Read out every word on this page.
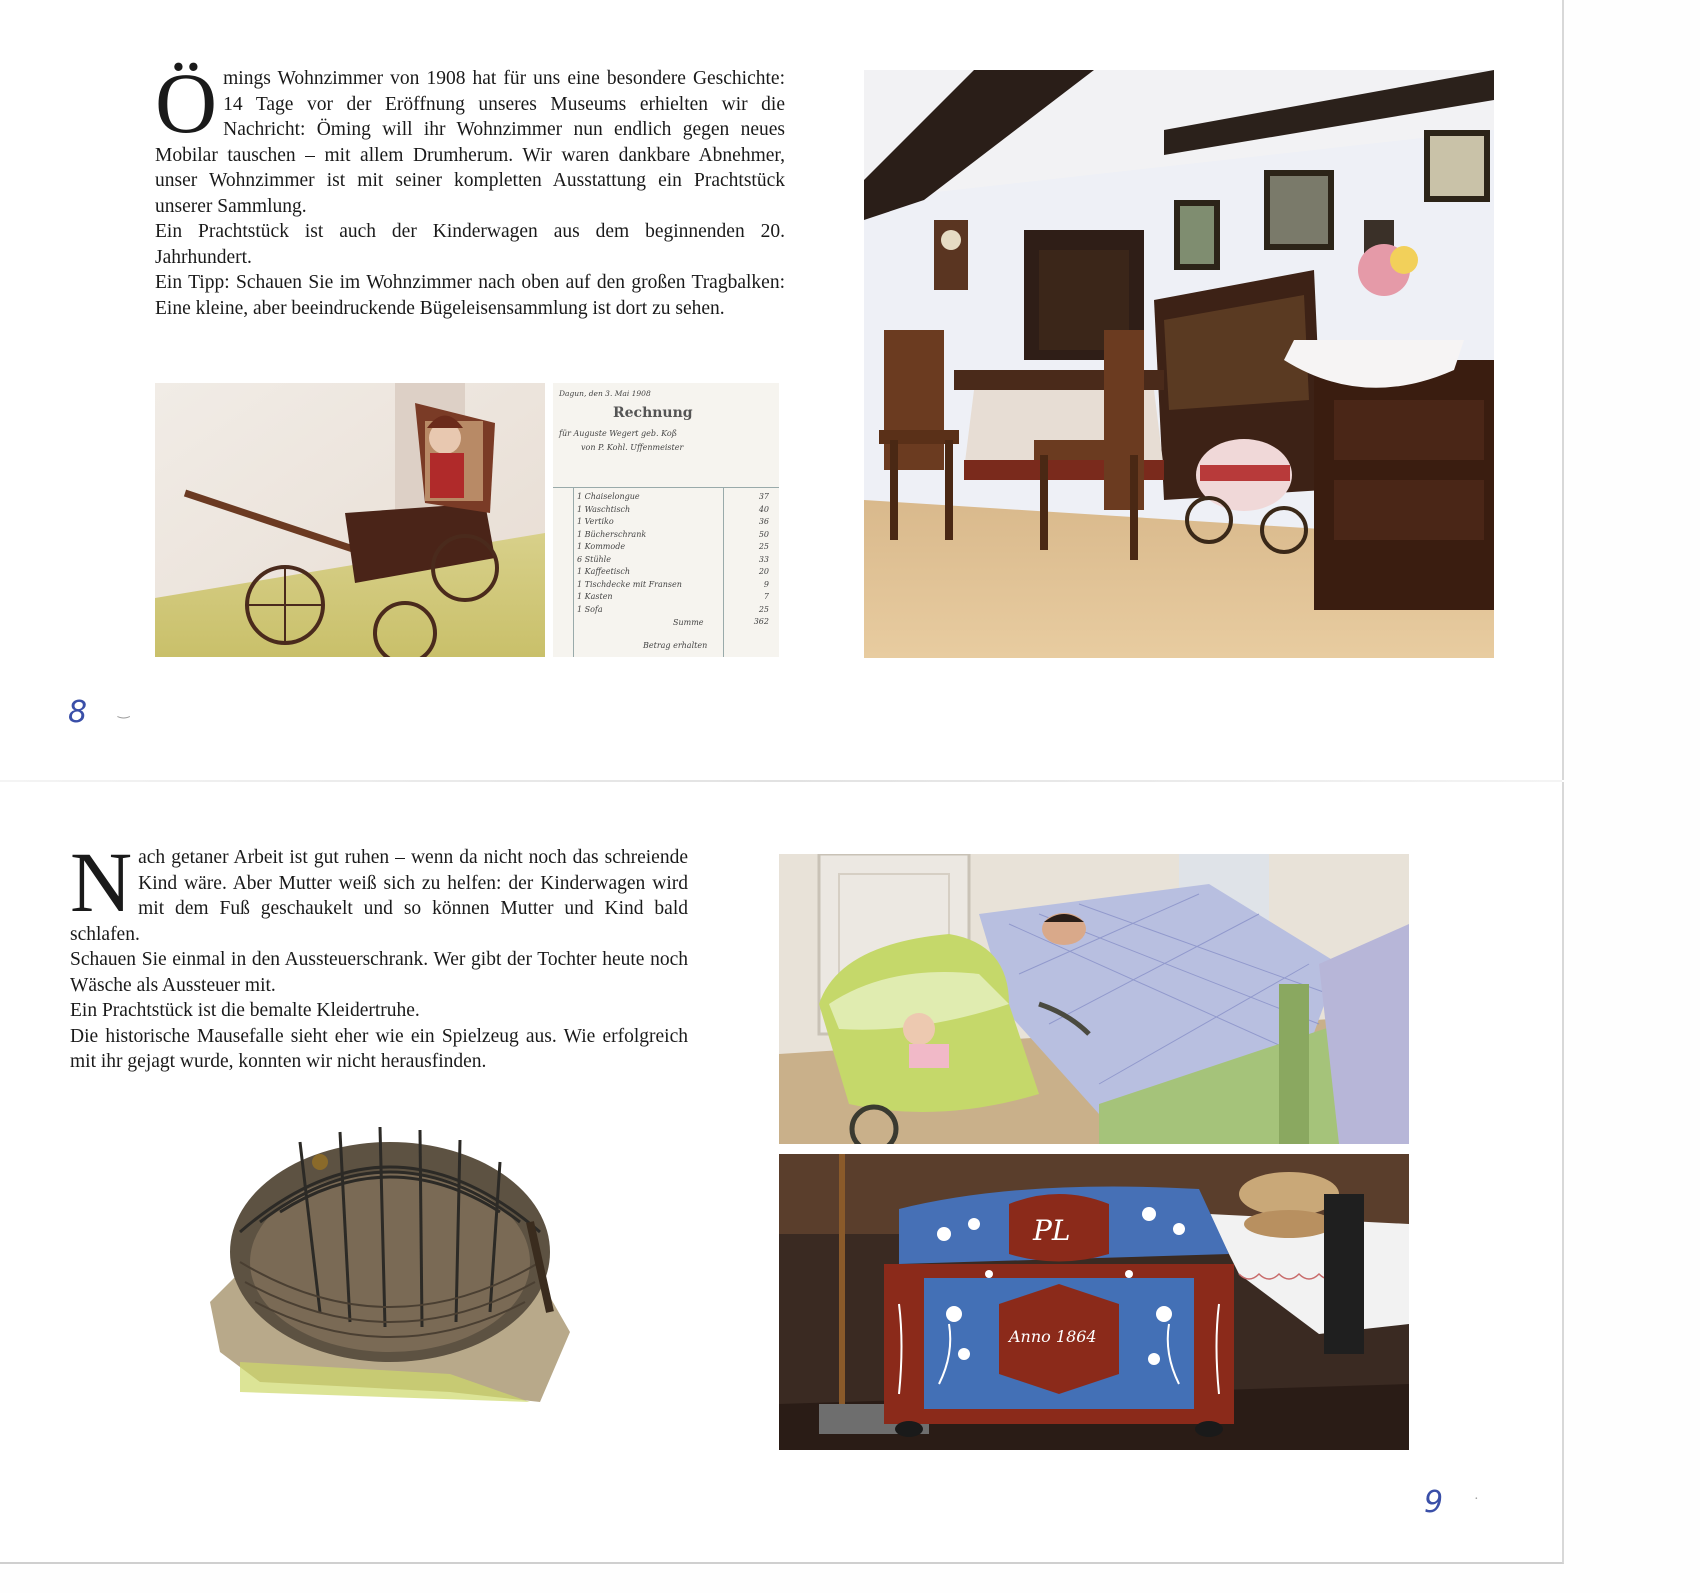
Ö mings Wohnzimmer von 1908 hat für uns eine besondere Geschichte: 14 Tage vor der Eröffnung unseres Museums erhielten wir die Nachricht: Öming will ihr Wohnzimmer nun endlich gegen neues Mobilar tauschen – mit allem Drumherum. Wir waren dankbare Abnehmer, unser Wohnzimmer ist mit seiner kompletten Ausstattung ein Prachtstück unserer Sammlung.

Ein Prachtstück ist auch der Kinderwagen aus dem beginnenden 20. Jahrhundert.

Ein Tipp: Schauen Sie im Wohnzimmer nach oben auf den großen Tragbalken: Eine kleine, aber beeindruckende Bügeleisensammlung ist dort zu sehen.

Dagun, den 3. Mai 1908
Rechnung
für Auguste Wegert geb. Koß
von P. Kohl. Uffenmeister
1 Chaiselongue
1 Waschtisch
1 Vertiko
1 Bücherschrank
1 Kommode
6 Stühle
1 Kaffeetisch
1 Tischdecke mit Fransen
1 Kasten
1 Sofa
37
40
36
50
25
33
20
9
7
25
362
Summe
Betrag erhalten
8 ‿
N ach getaner Arbeit ist gut ruhen – wenn da nicht noch das schreiende Kind wäre. Aber Mutter weiß sich zu helfen: der Kinderwagen wird mit dem Fuß geschaukelt und so können Mutter und Kind bald schlafen.

Schauen Sie einmal in den Aussteuerschrank. Wer gibt der Tochter heute noch Wäsche als Aussteuer mit.

Ein Prachtstück ist die bemalte Kleidertruhe.

Die historische Mausefalle sieht eher wie ein Spielzeug aus. Wie erfolgreich mit ihr gejagt wurde, konnten wir nicht herausfinden.

PL
Anno 1864
9 ·
